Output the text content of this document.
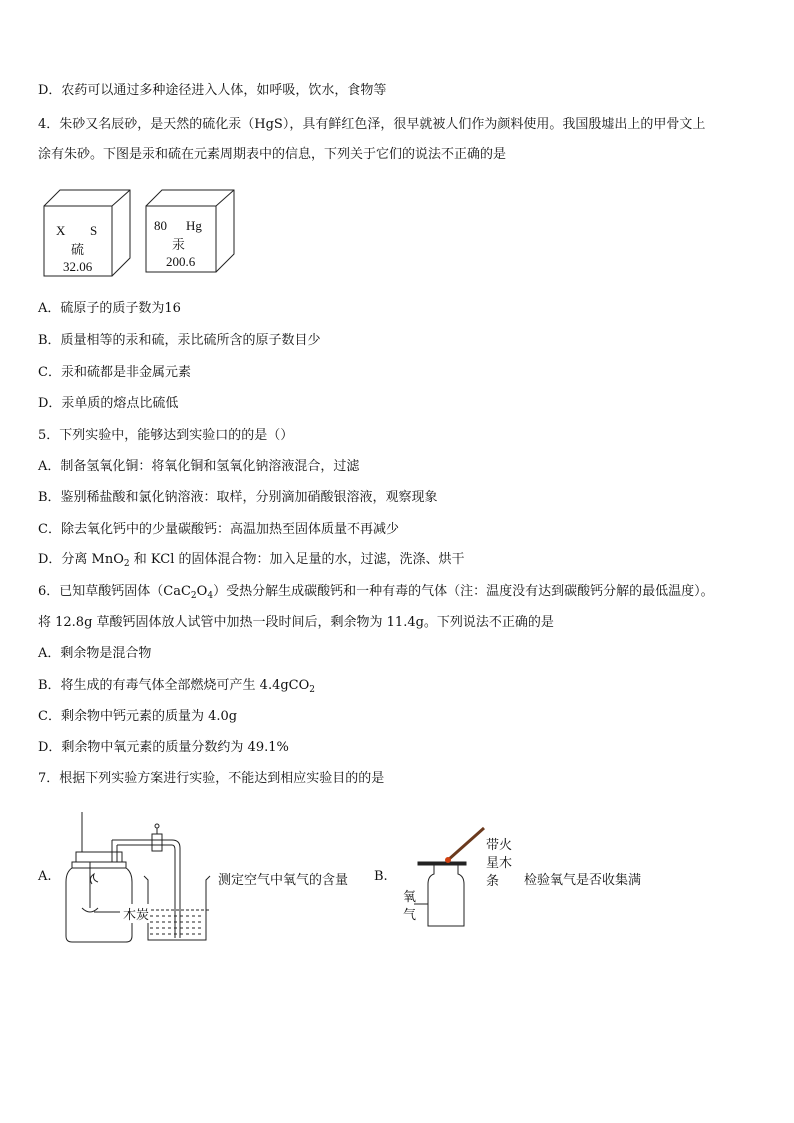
D．农药可以通过多种途径进入人体，如呼吸，饮水，食物等
4．朱砂又名辰砂，是天然的硫化汞（HgS），具有鲜红色泽，很早就被人们作为颜料使用。我国殷墟出上的甲骨文上
涂有朱砂。下图是汞和硫在元素周期表中的信息，下列关于它们的说法不正确的是
X S
硫
32.06
80 Hg
汞
200.6
A．硫原子的质子数为16
B．质量相等的汞和硫，汞比硫所含的原子数目少
C．汞和硫都是非金属元素
D．汞单质的熔点比硫低
5．下列实验中，能够达到实验口的的是（）
A．制备氢氧化铜：将氧化铜和氢氧化钠溶液混合，过滤
B．鉴别稀盐酸和氯化钠溶液：取样，分别滴加硝酸银溶液，观察现象
C．除去氧化钙中的少量碳酸钙：高温加热至固体质量不再减少
D．分离 MnO$_2$ 和 KCl 的固体混合物：加入足量的水，过滤，洗涤、烘干
6．已知草酸钙固体$(CaC_2O_4)$受热分解生成碳酸钙和一种有毒的气体（注：温度没有达到碳酸钙分解的最低温度）。
将 12.8g 草酸钙固体放人试管中加热一段时间后，剩余物为 11.4g。下列说法不正确的是
A．剩余物是混合物
B．将生成的有毒气体全部燃烧可产生 4.4gCO$_2$
C．剩余物中钙元素的质量为 4.0g
D．剩余物中氧元素的质量分数约为 49.1%
7．根据下列实验方案进行实验，不能达到相应实验目的的是
A.
木炭
测定空气中氧气的含量 B.
带火
星木
条
氧
气
检验氧气是否收集满
